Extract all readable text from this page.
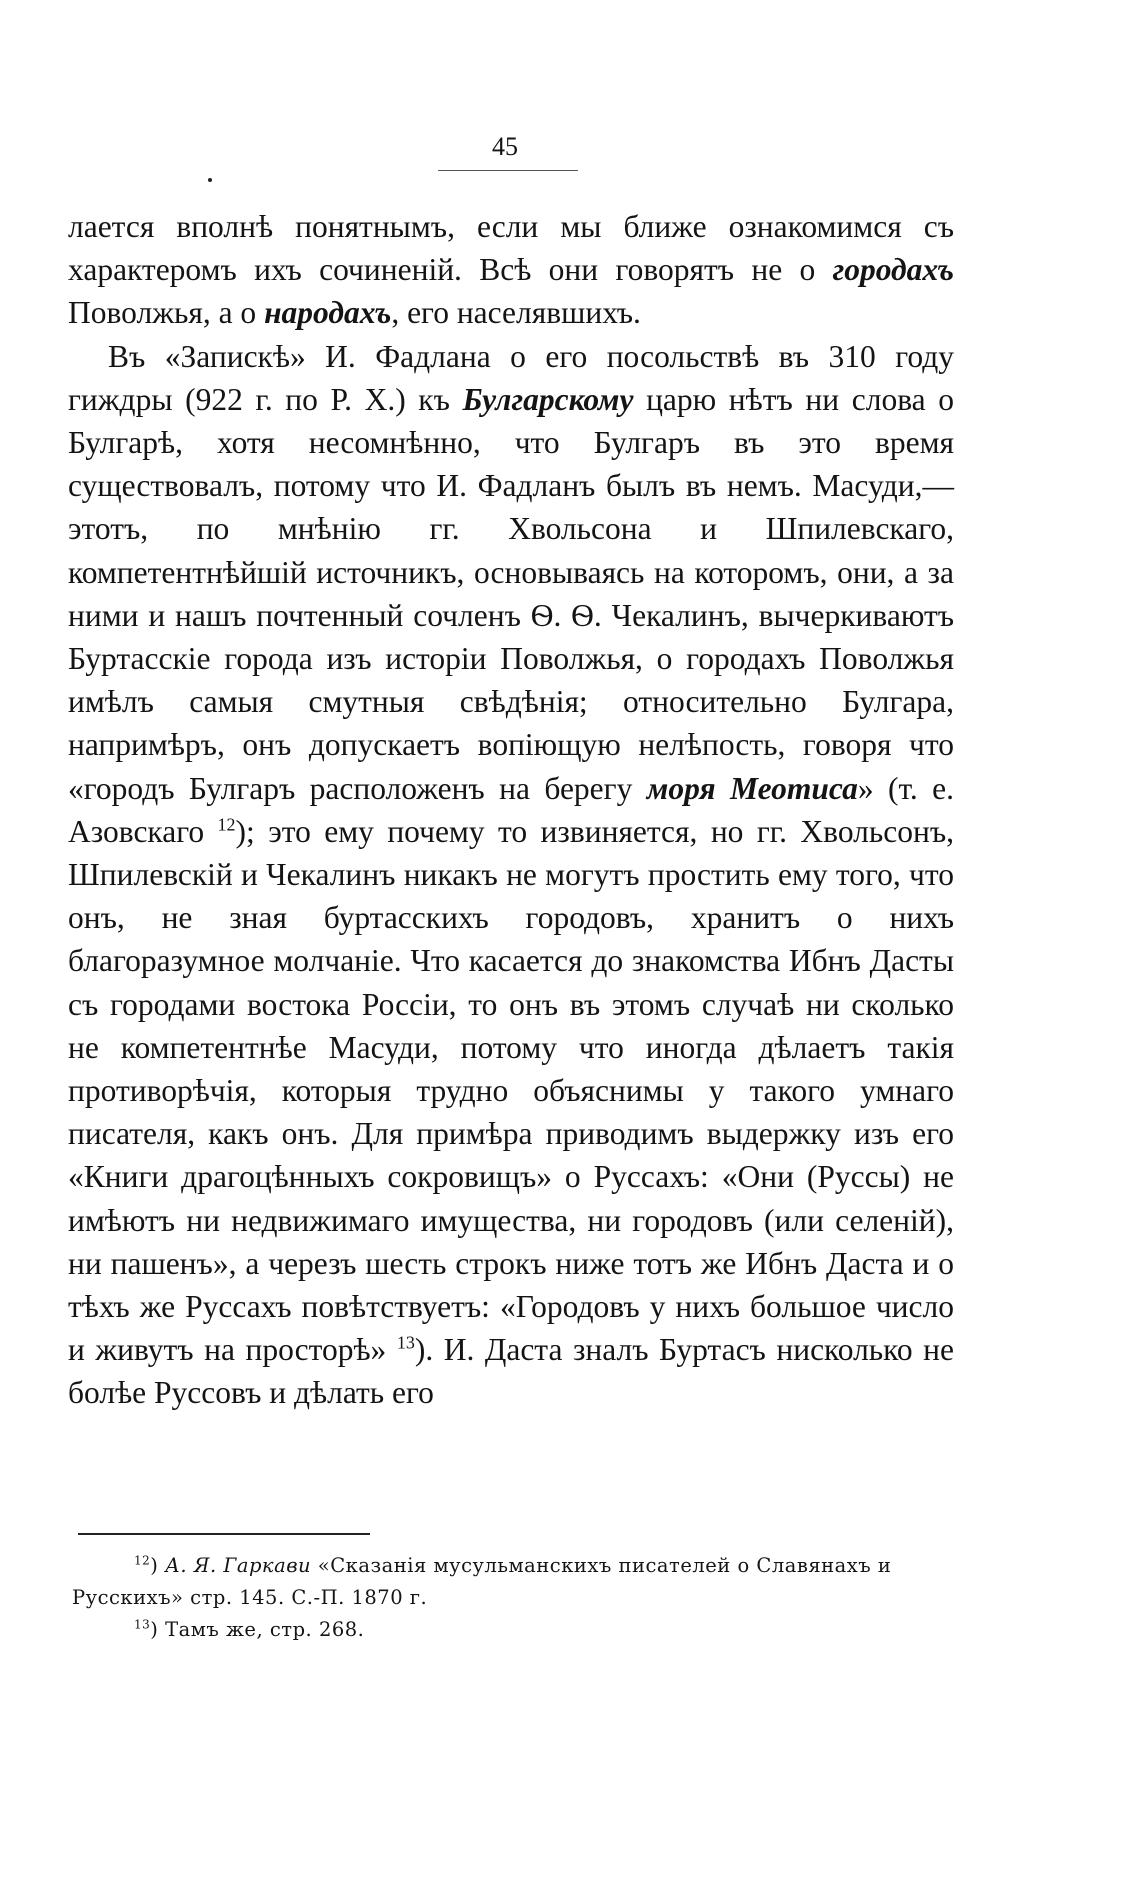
45

лается вполнѣ понятнымъ, если мы ближе ознакомимся съ характеромъ ихъ сочиненій. Всѣ они говорятъ не о городахъ Поволжья, а о народахъ, его населявшихъ.

Въ «Запискѣ» И. Фадлана о его посольствѣ въ 310 году гиждры (922 г. по Р. Х.) къ Булгарскому царю нѣтъ ни слова о Булгарѣ, хотя несомнѣнно, что Булгаръ въ это время существовалъ, потому что И. Фадланъ былъ въ немъ. Масуди,—этотъ, по мнѣнію гг. Хвольсона и Шпилевскаго, компетентнѣйшій источникъ, основываясь на которомъ, они, а за ними и нашъ почтенный сочленъ Ѳ. Ѳ. Чекалинъ, вычеркиваютъ Буртасскіе города изъ исторіи Поволжья, о городахъ Поволжья имѣлъ самыя смутныя свѣдѣнія; относительно Булгара, напримѣръ, онъ допускаетъ вопіющую нелѣпость, говоря что «городъ Булгаръ расположенъ на берегу моря Меотиса» (т. е. Азовскаго $^{12}$); это ему почему то извиняется, но гг. Хвольсонъ, Шпилевскій и Чекалинъ никакъ не могутъ простить ему того, что онъ, не зная буртасскихъ городовъ, хранитъ о нихъ благоразумное молчаніе. Что касается до знакомства Ибнъ Дасты съ городами востока Россіи, то онъ въ этомъ случаѣ ни сколько не компетентнѣе Масуди, потому что иногда дѣлаетъ такія противорѣчія, которыя трудно объяснимы у такого умнаго писателя, какъ онъ. Для примѣра приводимъ выдержку изъ его «Книги драгоцѣнныхъ сокровищъ» о Руссахъ: «Они (Руссы) не имѣютъ ни недвижимаго имущества, ни городовъ (или селеній), ни пашенъ», а черезъ шесть строкъ ниже тотъ же Ибнъ Даста и о тѣхъ же Руссахъ повѣтствуетъ: «Городовъ у нихъ большое число и живутъ на просторѣ» $^{13}$). И. Даста зналъ Буртасъ нисколько не болѣе Руссовъ и дѣлать его

$^{12}$) А. Я. Гаркави «Сказанія мусульманскихъ писателей о Славянахъ и Русскихъ» стр. 145. С.-П. 1870 г.

$^{13}$) Тамъ же, стр. 268.
